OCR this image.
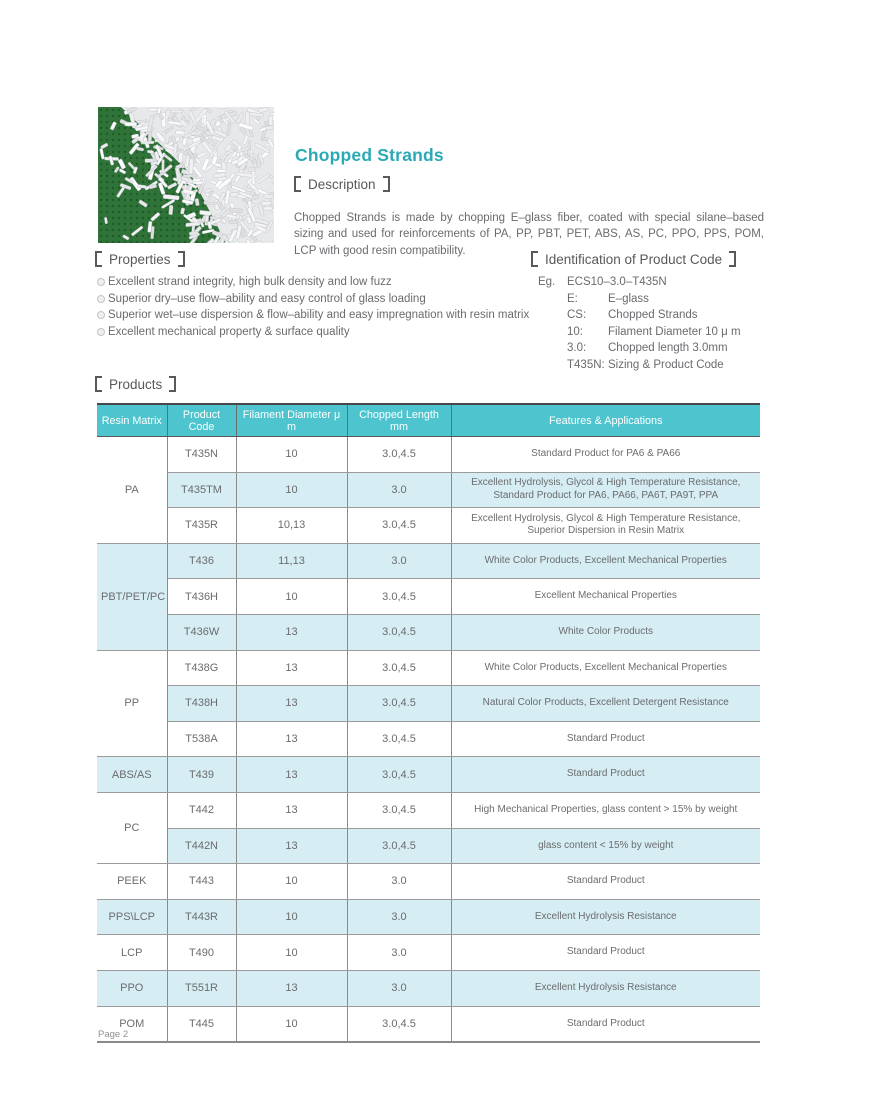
Chopped Strands
Description

Chopped Strands is made by chopping E–glass fiber, coated with special silane–based sizing and used for reinforcements of PA, PP, PBT, PET, ABS, AS, PC, PPO, PPS, POM, LCP with good resin compatibility.

Properties
Excellent strand integrity, high bulk density and low fuzz
Superior dry–use flow–ability and easy control of glass loading
Superior wet–use dispersion & flow–ability and easy impregnation with resin matrix
Excellent mechanical property & surface quality
Identification of Product Code
Eg.	ECS10–3.0–T435N
E:	E–glass
CS:	Chopped Strands
10:	Filament Diameter 10 μ m
3.0:	Chopped length 3.0mm
T435N: Sizing & Product Code
Products
Resin Matrix	Product Code	Filament Diameter μ m	Chopped Length mm	Features & Applications
PA	T435N	10	3.0,4.5	Standard Product for PA6 & PA66
	T435TM	10	3.0	Excellent Hydrolysis, Glycol & High Temperature Resistance, Standard Product for PA6, PA66, PA6T, PA9T, PPA
	T435R	10,13	3.0,4.5	Excellent Hydrolysis, Glycol & High Temperature Resistance, Superior Dispersion in Resin Matrix
PBT/PET/PC	T436	11,13	3.0	White Color Products, Excellent Mechanical Properties
	T436H	10	3.0,4.5	Excellent Mechanical Properties
	T436W	13	3.0,4.5	White Color Products
PP	T438G	13	3.0,4.5	White Color Products, Excellent Mechanical Properties
	T438H	13	3.0,4.5	Natural Color Products, Excellent Detergent Resistance
	T538A	13	3.0,4.5	Standard Product
ABS/AS	T439	13	3.0,4.5	Standard Product
PC	T442	13	3.0,4.5	High Mechanical Properties, glass content > 15% by weight
	T442N	13	3.0,4.5	glass content < 15% by weight
PEEK	T443	10	3.0	Standard Product
PPS\LCP	T443R	10	3.0	Excellent Hydrolysis Resistance
LCP	T490	10	3.0	Standard Product
PPO	T551R	13	3.0	Excellent Hydrolysis Resistance
POM	T445	10	3.0,4.5	Standard Product
Page 2
